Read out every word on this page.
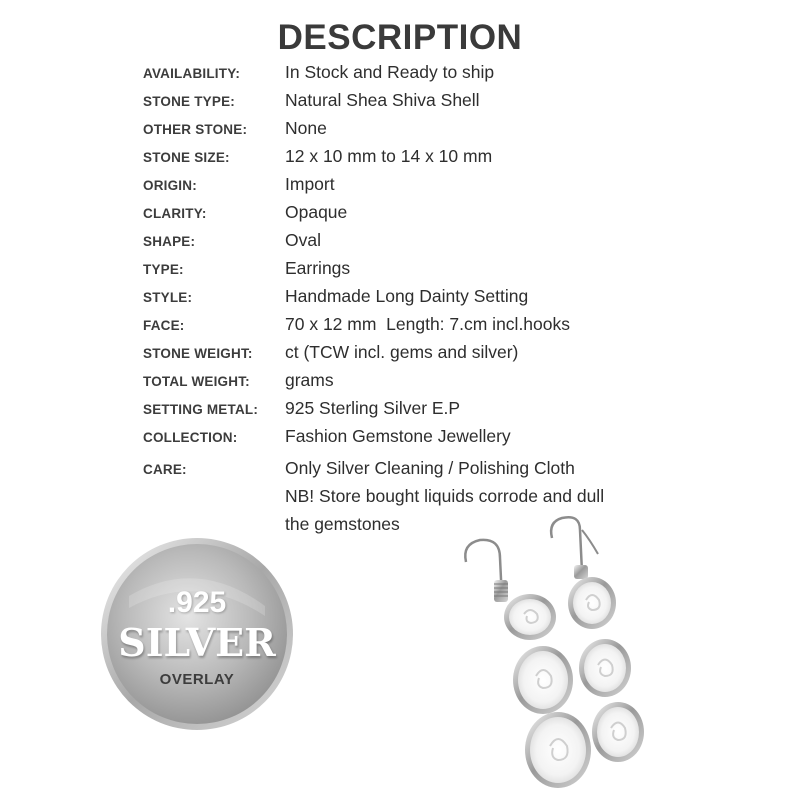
DESCRIPTION
AVAILABILITY:	In Stock and Ready to ship
STONE TYPE:	Natural Shea Shiva Shell
OTHER STONE:	None
STONE SIZE:	12 x 10 mm to 14 x 10 mm
ORIGIN:	Import
CLARITY:	Opaque
SHAPE:	Oval
TYPE:	Earrings
STYLE:	Handmade Long Dainty Setting
FACE:	70 x 12 mm  Length: 7.cm incl.hooks
STONE WEIGHT:	ct (TCW incl. gems and silver)
TOTAL WEIGHT:	grams
SETTING METAL:	925 Sterling Silver E.P
COLLECTION:	Fashion Gemstone Jewellery
CARE:	Only Silver Cleaning / Polishing Cloth
NB! Store bought liquids corrode and dull
the gemstones
.925
SILVER
OVERLAY
